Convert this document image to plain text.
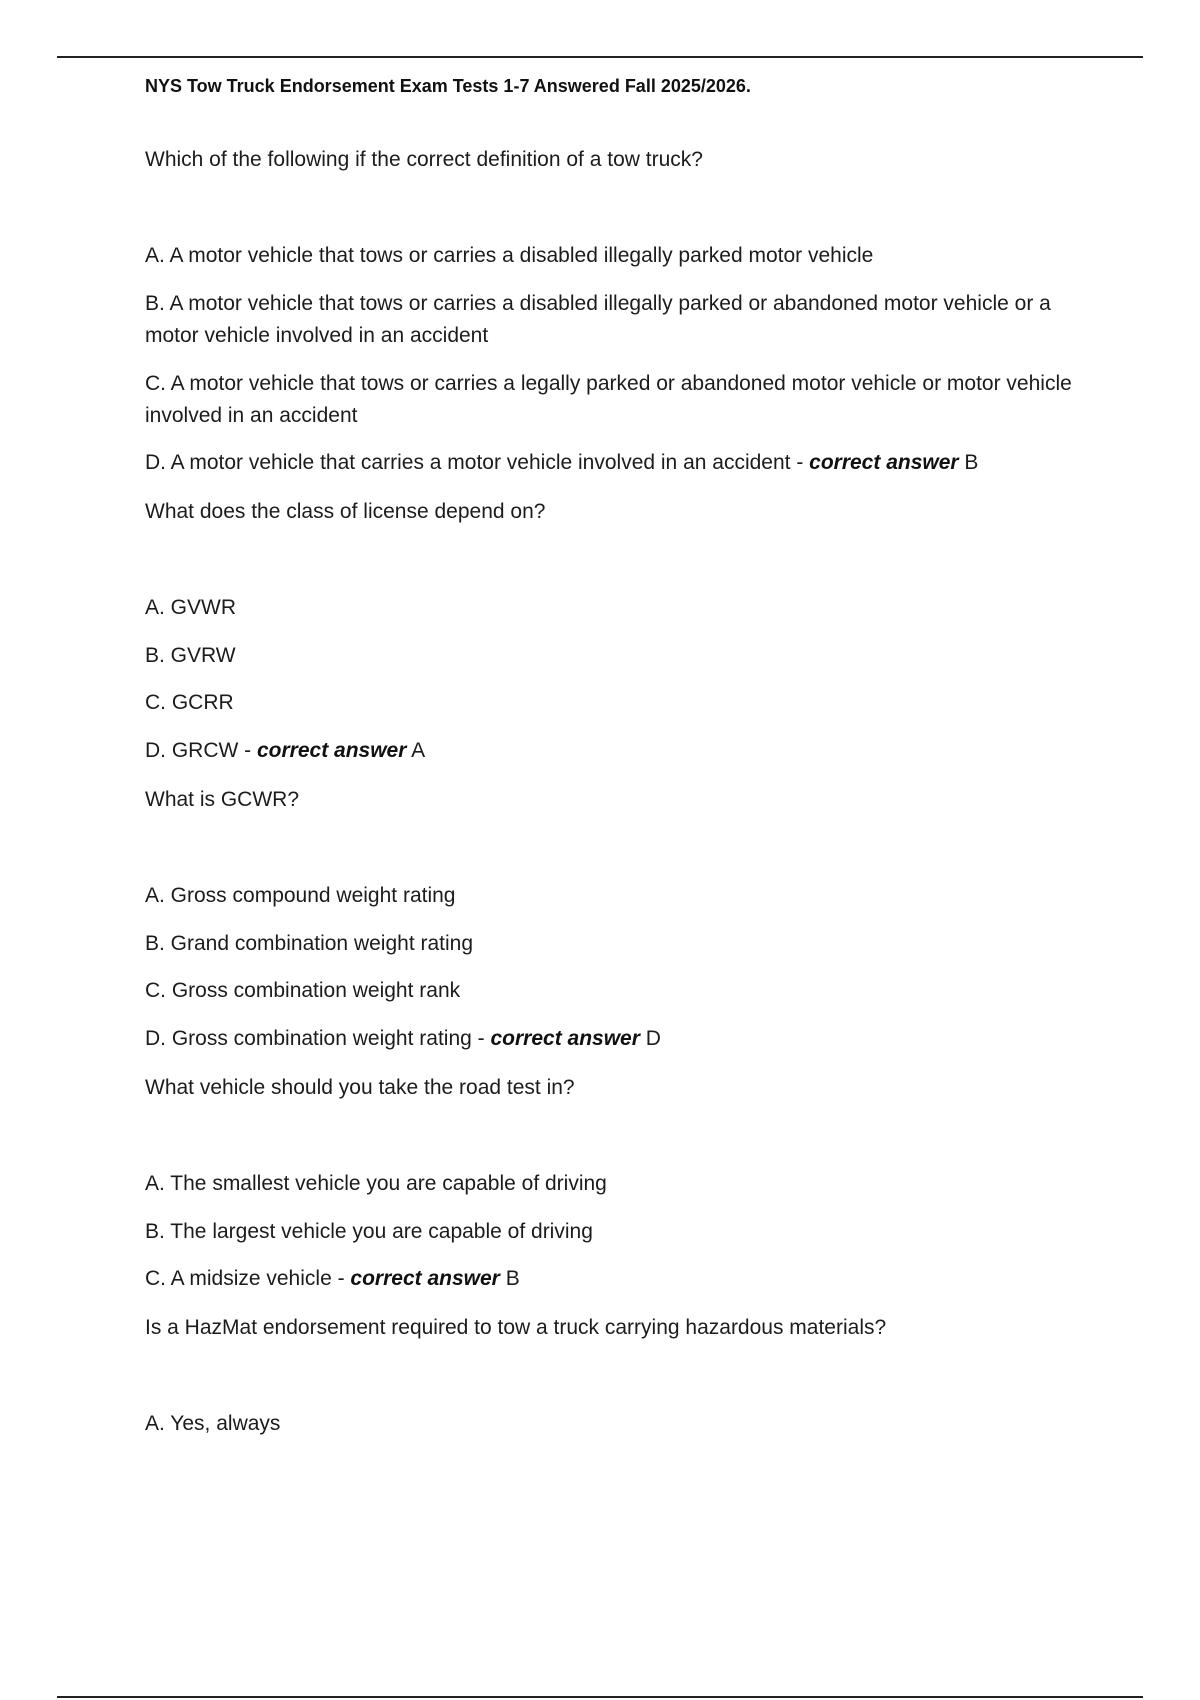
NYS Tow Truck Endorsement Exam Tests 1-7 Answered Fall 2025/2026.

Which of the following if the correct definition of a tow truck?

A. A motor vehicle that tows or carries a disabled illegally parked motor vehicle

B. A motor vehicle that tows or carries a disabled illegally parked or abandoned motor vehicle or a motor vehicle involved in an accident

C. A motor vehicle that tows or carries a legally parked or abandoned motor vehicle or motor vehicle involved in an accident

D. A motor vehicle that carries a motor vehicle involved in an accident - correct answer B

What does the class of license depend on?

A. GVWR

B. GVRW

C. GCRR

D. GRCW - correct answer A

What is GCWR?

A. Gross compound weight rating

B. Grand combination weight rating

C. Gross combination weight rank

D. Gross combination weight rating - correct answer D

What vehicle should you take the road test in?

A. The smallest vehicle you are capable of driving

B. The largest vehicle you are capable of driving

C. A midsize vehicle - correct answer B

Is a HazMat endorsement required to tow a truck carrying hazardous materials?

A. Yes, always
